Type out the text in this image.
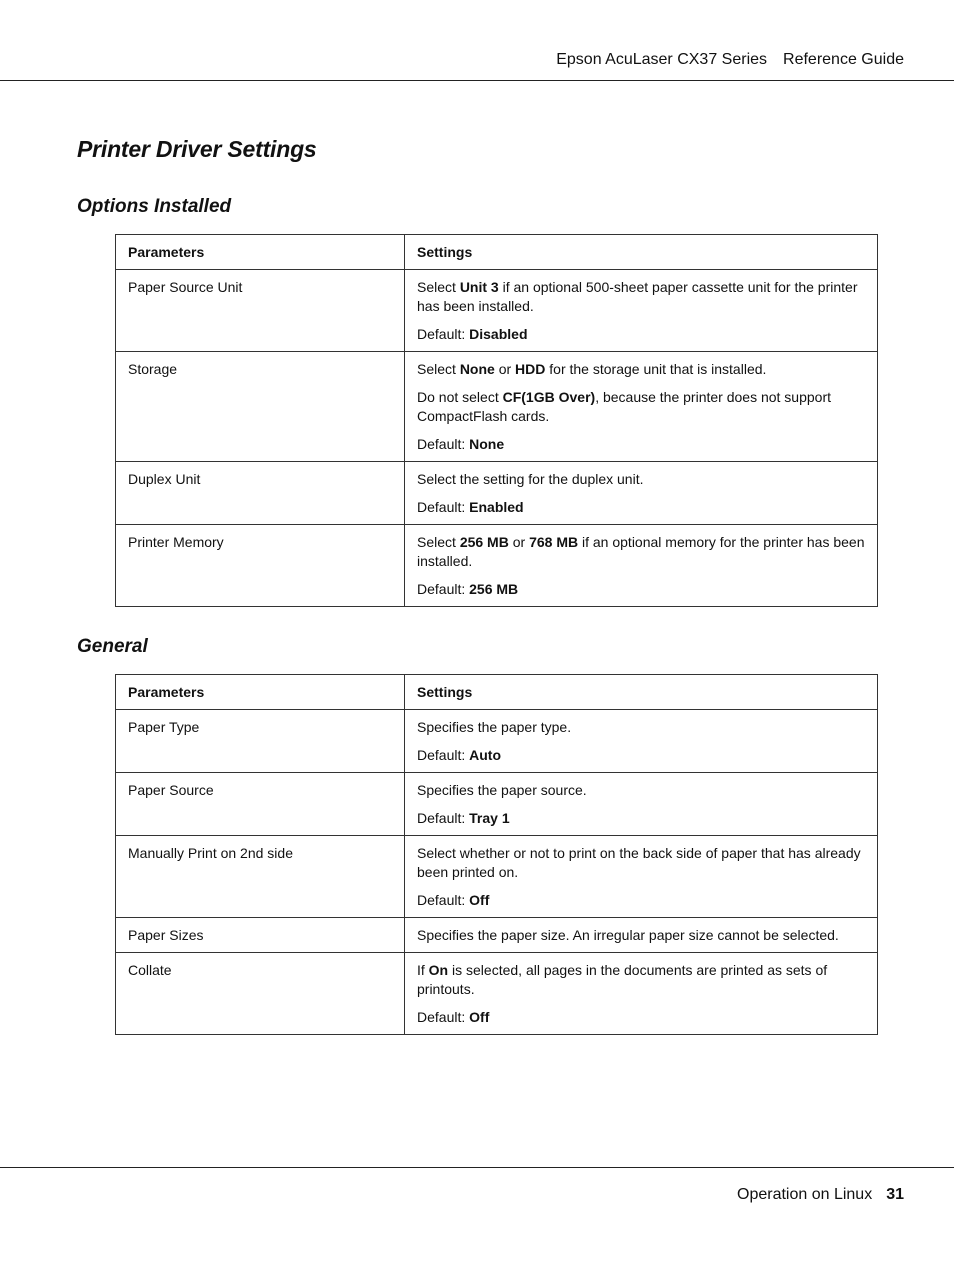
Epson AcuLaser CX37 Series Reference Guide
Printer Driver Settings
Options Installed
Parameters	Settings
Paper Source Unit	Select Unit 3 if an optional 500-sheet paper cassette unit for the printer has been installed.

Default: Disabled

Storage	Select None or HDD for the storage unit that is installed.

Do not select CF(1GB Over), because the printer does not support CompactFlash cards.

Default: None

Duplex Unit	Select the setting for the duplex unit.

Default: Enabled

Printer Memory	Select 256 MB or 768 MB if an optional memory for the printer has been installed.

Default: 256 MB

General
Parameters	Settings
Paper Type	Specifies the paper type.

Default: Auto

Paper Source	Specifies the paper source.

Default: Tray 1

Manually Print on 2nd side	Select whether or not to print on the back side of paper that has already been printed on.

Default: Off

Paper Sizes	Specifies the paper size. An irregular paper size cannot be selected.

Collate	If On is selected, all pages in the documents are printed as sets of printouts.

Default: Off

Operation on Linux 31
